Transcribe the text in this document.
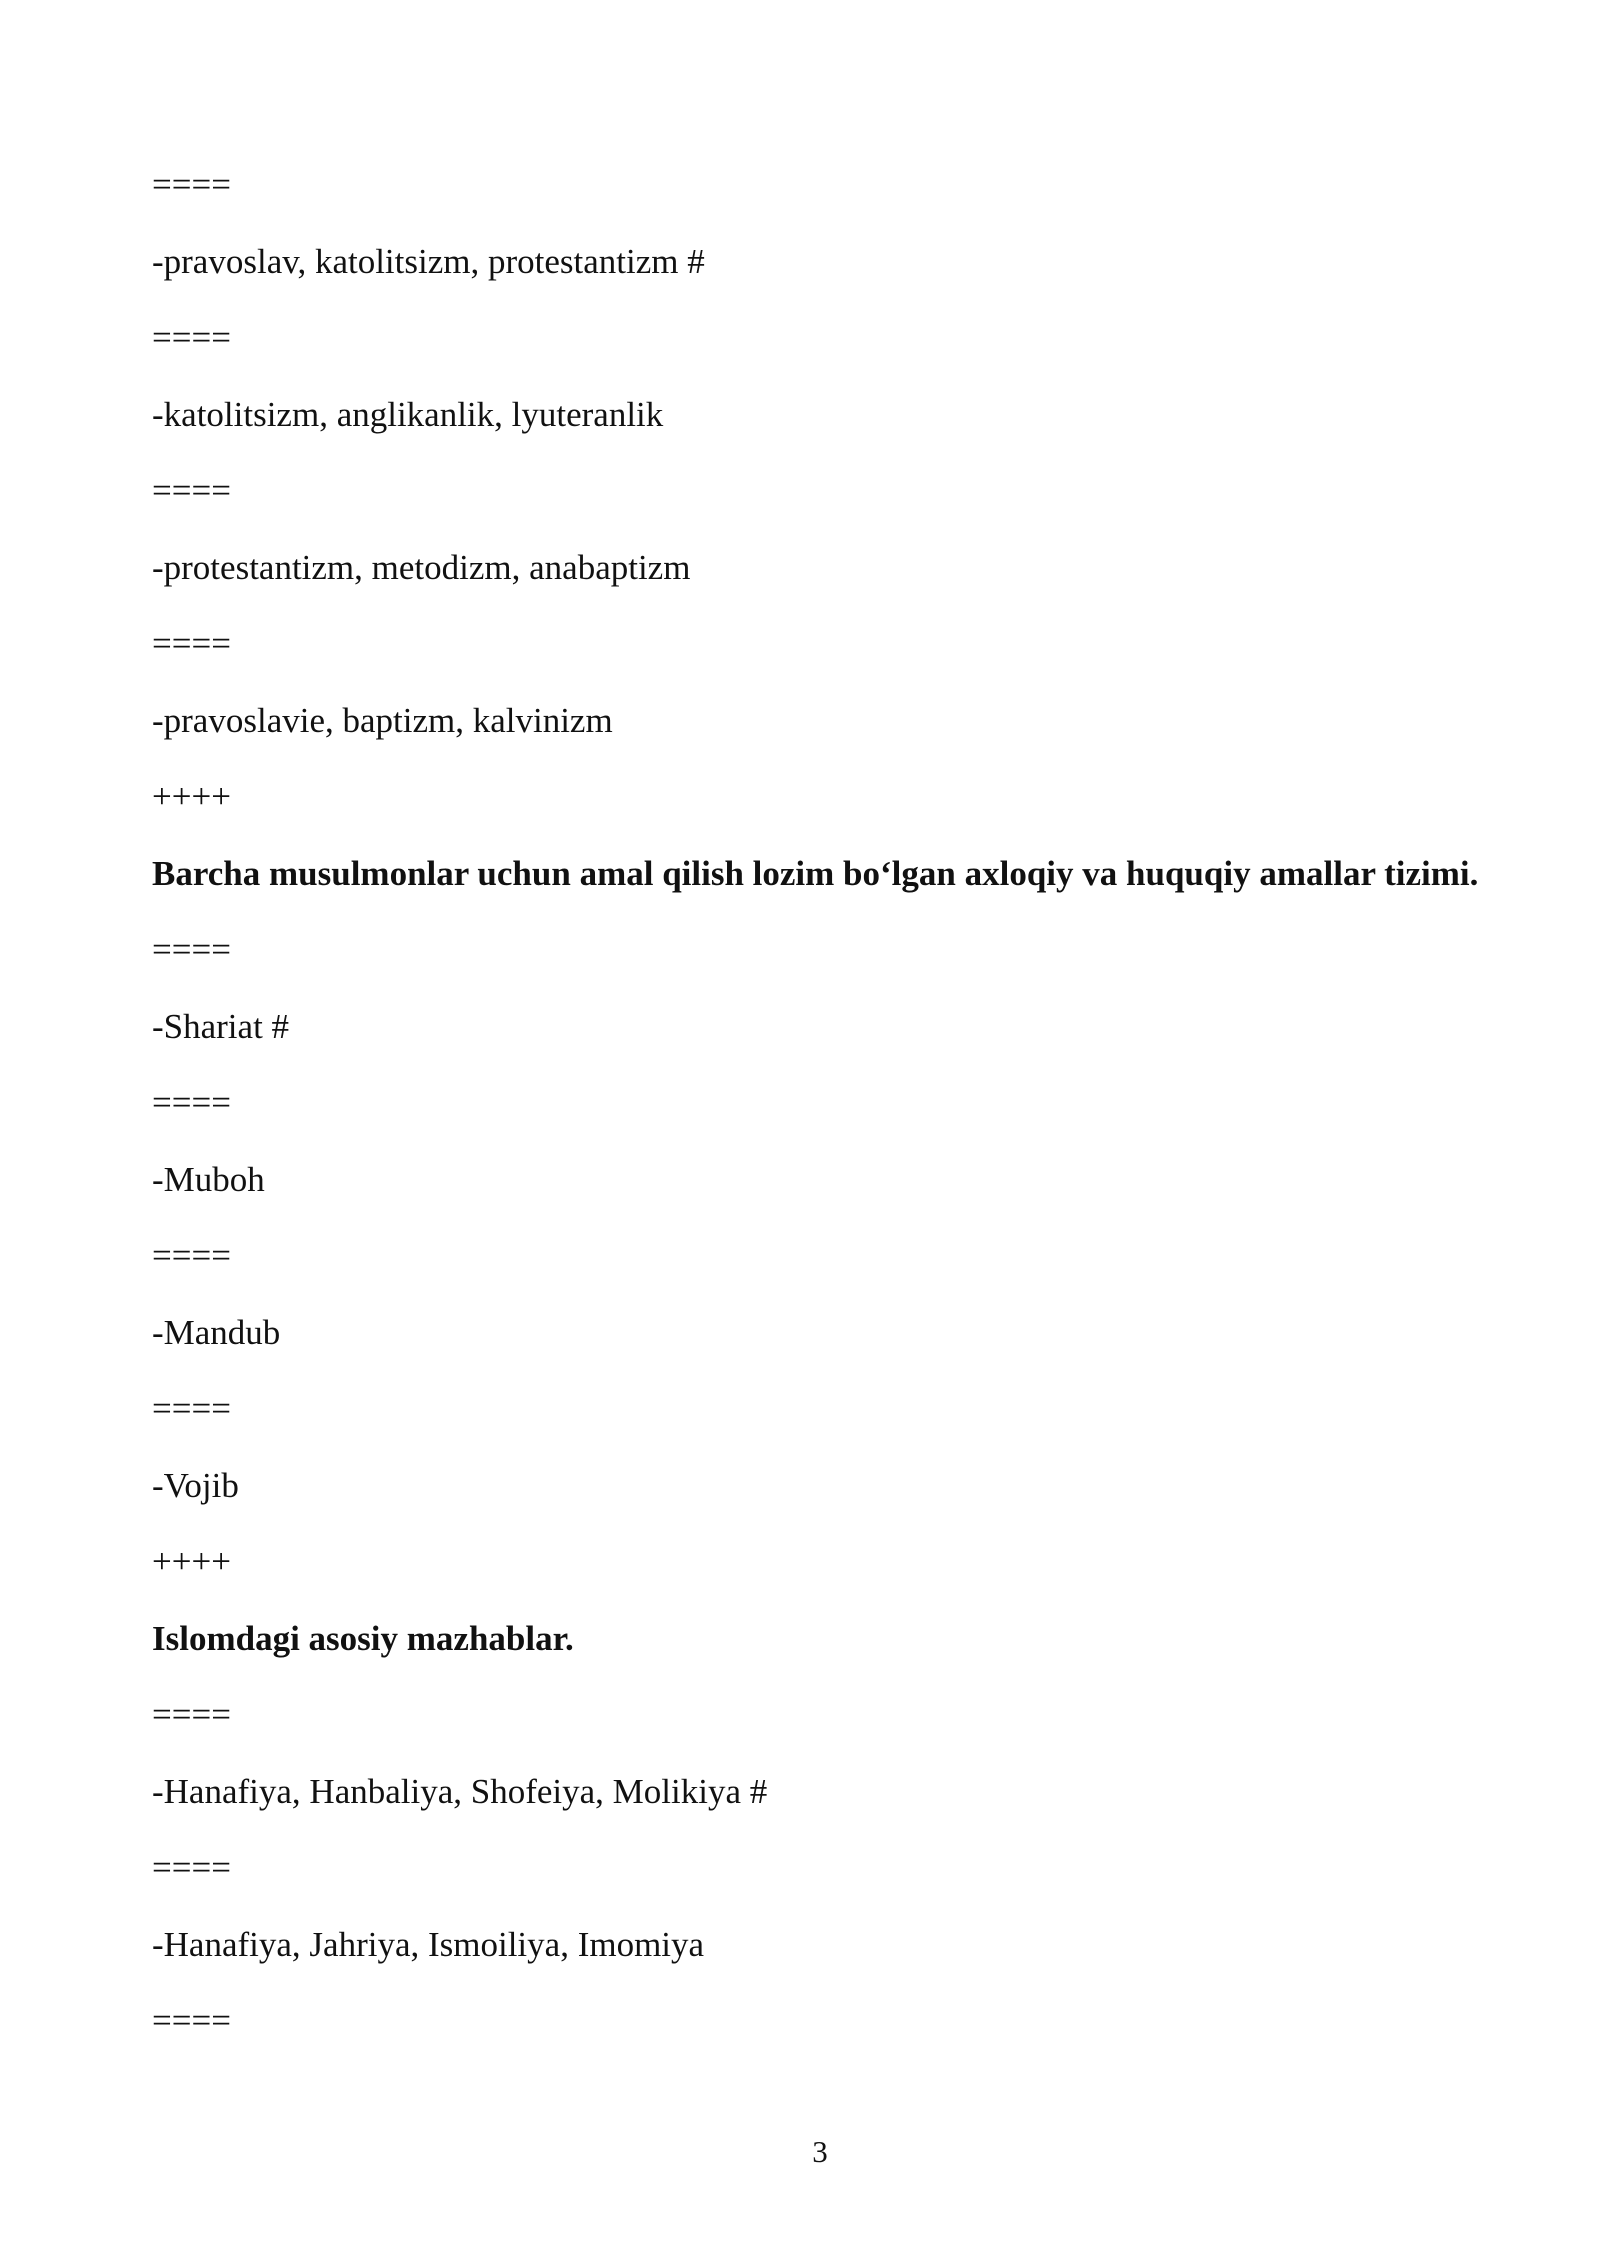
====

-pravoslav, katolitsizm, protestantizm #

====

-katolitsizm, anglikanlik, lyuteranlik

====

-protestantizm, metodizm, anabaptizm

====

-pravoslavie, baptizm, kalvinizm

++++

Barcha musulmonlar uchun amal qilish lozim bo‘lgan axloqiy va huquqiy amallar tizimi.

====

-Shariat #

====

-Muboh

====

-Mandub

====

-Vojib

++++

Islomdagi asosiy mazhablar.

====

-Hanafiya, Hanbaliya, Shofeiya, Molikiya #

====

-Hanafiya, Jahriya, Ismoiliya, Imomiya

====

3
